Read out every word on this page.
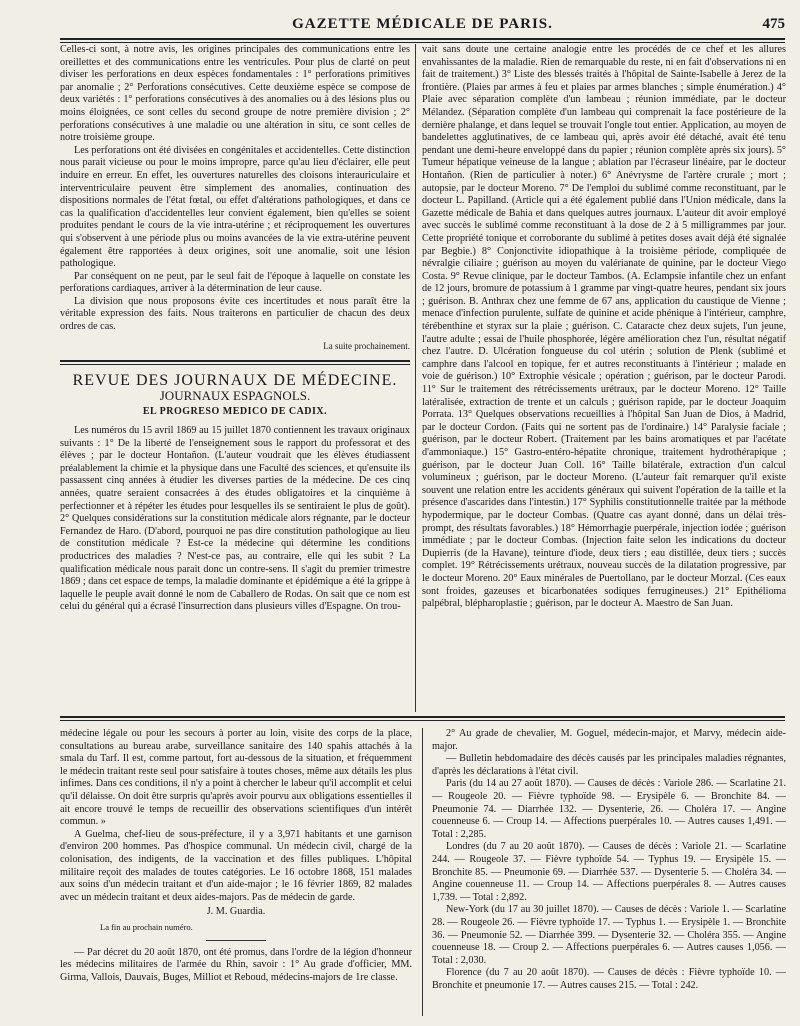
GAZETTE MÉDICALE DE PARIS.	475

Celles-ci sont, à notre avis, les origines principales des communications entre les oreillettes et des communications entre les ventricules. Pour plus de clarté on peut diviser les perforations en deux espèces fondamentales : 1° perforations primitives par anomalie ; 2° Perforations consécutives. Cette deuxième espèce se compose de deux variétés : 1° perforations consécutives à des anomalies ou à des lésions plus ou moins éloignées, ce sont celles du second groupe de notre première division ; 2° perforations consécutives à une maladie ou une altération in situ, ce sont celles de notre troisième groupe.

Les perforations ont été divisées en congénitales et accidentelles. Cette distinction nous parait vicieuse ou pour le moins impropre, parce qu'au lieu d'éclairer, elle peut induire en erreur. En effet, les ouvertures naturelles des cloisons interauriculaire et interventriculaire peuvent être simplement des anomalies, continuation des dispositions normales de l'état fœtal, ou effet d'altérations pathologiques, et dans ce cas la qualification d'accidentelles leur convient également, bien qu'elles se soient produites pendant le cours de la vie intra-utérine ; et réciproquement les ouvertures qui s'observent à une période plus ou moins avancées de la vie extra-utérine peuvent également être rapportées à deux origines, soit une anomalie, soit une lésion pathologique.

Par conséquent on ne peut, par le seul fait de l'époque à laquelle on constate les perforations cardiaques, arriver à la détermination de leur cause.

La division que nous proposons évite ces incertitudes et nous paraît être la véritable expression des faits. Nous traiterons en particulier de chacun des deux ordres de cas.

La suite prochainement.
REVUE DES JOURNAUX DE MÉDECINE.
JOURNAUX ESPAGNOLS.
EL PROGRESO MEDICO DE CADIX.

Les numéros du 15 avril 1869 au 15 juillet 1870 contiennent les travaux originaux suivants : 1° De la liberté de l'enseignement sous le rapport du professorat et des élèves ; par le docteur Hontañon. (L'auteur voudrait que les élèves étudiassent préalablement la chimie et la physique dans une Faculté des sciences, et qu'ensuite ils passassent cinq années à étudier les diverses parties de la médecine. De ces cinq années, quatre seraient consacrées à des études obligatoires et la cinquième à perfectionner et à répéter les études pour lesquelles ils se sentiraient le plus de goût). 2° Quelques considérations sur la constitution médicale alors régnante, par le docteur Fernandez de Haro. (D'abord, pourquoi ne pas dire constitution pathologique au lieu de constitution médicale ? Est-ce la médecine qui détermine les conditions productrices des maladies ? N'est-ce pas, au contraire, elle qui les subit ? La qualification médicale nous parait donc un contre-sens. Il s'agit du premier trimestre 1869 ; dans cet espace de temps, la maladie dominante et épidémique a été la grippe à laquelle le peuple avait donné le nom de Caballero de Rodas. On sait que ce nom est celui du général qui a écrasé l'insurrection dans plusieurs villes d'Espagne. On trou-

vait sans doute une certaine analogie entre les procédés de ce chef et les allures envahissantes de la maladie. Rien de remarquable du reste, ni en fait d'observations ni en fait de traitement.) 3° Liste des blessés traités à l'hôpital de Sainte-Isabelle à Jerez de la frontière. (Plaies par armes à feu et plaies par armes blanches ; simple énumération.) 4° Plaie avec séparation complète d'un lambeau ; réunion immédiate, par le docteur Mélandez. (Séparation complète d'un lambeau qui comprenait la face postérieure de la dernière phalange, et dans lequel se trouvait l'ongle tout entier. Application, au moyen de bandelettes agglutinatives, de ce lambeau qui, après avoir été détaché, avait été tenu pendant une demi-heure enveloppé dans du papier ; réunion complète après six jours). 5° Tumeur hépatique veineuse de la langue ; ablation par l'écraseur linéaire, par le docteur Hontañon. (Rien de particulier à noter.) 6° Anévrysme de l'artère crurale ; mort ; autopsie, par le docteur Moreno. 7° De l'emploi du sublimé comme reconstituant, par le docteur L. Papilland. (Article qui a été également publié dans l'Union médicale, dans la Gazette médicale de Bahia et dans quelques autres journaux. L'auteur dit avoir employé avec succès le sublimé comme reconstituant à la dose de 2 à 5 milligrammes par jour. Cette propriété tonique et corroborante du sublimé à petites doses avait déjà été signalée par Begbie.) 8° Conjonctivite idiopathique à la troisième période, compliquée de névralgie ciliaire ; guérison au moyen du valérianate de quinine, par le docteur Viego Costa. 9° Revue clinique, par le docteur Tambos. (A. Eclampsie infantile chez un enfant de 12 jours, bromure de potassium à 1 gramme par vingt-quatre heures, pendant six jours ; guérison. B. Anthrax chez une femme de 67 ans, application du caustique de Vienne ; menace d'infection purulente, sulfate de quinine et acide phénique à l'intérieur, camphre, térébenthine et styrax sur la plaie ; guérison. C. Cataracte chez deux sujets, l'un jeune, l'autre adulte ; essai de l'huile phosphorée, légère amélioration chez l'un, résultat négatif chez l'autre. D. Ulcération fongueuse du col utérin ; solution de Plenk (sublimé et camphre dans l'alcool en topique, fer et autres reconstituants à l'intérieur ; malade en voie de guérison.) 10° Extrophie vésicale ; opération ; guérison, par le docteur Parodi. 11° Sur le traitement des rétrécissements urétraux, par le docteur Moreno. 12° Taille latéralisée, extraction de trente et un calculs ; guérison rapide, par le docteur Joaquim Porrata. 13° Quelques observations recueillies à l'hôpital San Juan de Dios, à Madrid, par le docteur Cordon. (Faits qui ne sortent pas de l'ordinaire.) 14° Paralysie faciale ; guérison, par le docteur Robert. (Traitement par les bains aromatiques et par l'acétate d'ammoniaque.) 15° Gastro-entéro-hépatite chronique, traitement hydrothérapique ; guérison, par le docteur Juan Coll. 16° Taille bilatérale, extraction d'un calcul volumineux ; guérison, par le docteur Moreno. (L'auteur fait remarquer qu'il existe souvent une relation entre les accidents généraux qui suivent l'opération de la taille et la présence d'ascarides dans l'intestin.) 17° Syphilis constitutionnelle traitée par la méthode hypodermique, par le docteur Combas. (Quatre cas ayant donné, dans un délai très-prompt, des résultats favorables.) 18° Hémorrhagie puerpérale, injection iodée ; guérison immédiate ; par le docteur Combas. (Injection faite selon les indications du docteur Dupierris (de la Havane), teinture d'iode, deux tiers ; eau distillée, deux tiers ; succès complet. 19° Rétrécissements urétraux, nouveau succès de la dilatation progressive, par le docteur Moreno. 20° Eaux minérales de Puertollano, par le docteur Morzal. (Ces eaux sont froides, gazeuses et bicarbonatées sodiques ferrugineuses.) 21° Epithélioma palpébral, blépharoplastie ; guérison, par le docteur A. Maestro de San Juan.

médecine légale ou pour les secours à porter au loin, visite des corps de la place, consultations au bureau arabe, surveillance sanitaire des 140 spahis attachés à la smala du Tarf. Il est, comme partout, fort au-dessous de la situation, et fréquemment le médecin traitant reste seul pour satisfaire à toutes choses, même aux détails les plus infimes. Dans ces conditions, il n'y a point à chercher le labeur qu'il accomplit et celui qu'il délaisse. On doit être surpris qu'après avoir pourvu aux obligations essentielles il ait encore trouvé le temps de recueillir des observations scientifiques d'un intérêt commun. »

A Guelma, chef-lieu de sous-préfecture, il y a 3,971 habitants et une garnison d'environ 200 hommes. Pas d'hospice communal. Un médecin civil, chargé de la colonisation, des indigents, de la vaccination et des filles publiques. L'hôpital militaire reçoit des malades de toutes catégories. Le 16 octobre 1868, 151 malades aux soins d'un médecin traitant et d'un aide-major ; le 16 février 1869, 82 malades avec un médecin traitant et deux aides-majors. Pas de médecin de garde.

J. M. Guardia.
La fin au prochain numéro.

— Par décret du 20 août 1870, ont été promus, dans l'ordre de la légion d'honneur les médecins militaires de l'armée du Rhin, savoir : 1° Au grade d'officier, MM. Girma, Vallois, Dauvais, Buges, Milliot et Reboud, médecins-majors de 1re classe.

2° Au grade de chevalier, M. Goguel, médecin-major, et Marvy, médecin aide-major.

— Bulletin hebdomadaire des décès causés par les principales maladies régnantes, d'après les déclarations à l'état civil.

Paris (du 14 au 27 août 1870). — Causes de décès : Variole 286. — Scarlatine 21. — Rougeole 20. — Fièvre typhoïde 98. — Erysipèle 6. — Bronchite 84. — Pneumonie 74. — Diarrhée 132. — Dysenterie, 26. — Choléra 17. — Angine couenneuse 6. — Croup 14. — Affections puerpérales 10. — Autres causes 1,491. — Total : 2,285.

Londres (du 7 au 20 août 1870). — Causes de décès : Variole 21. — Scarlatine 244. — Rougeole 37. — Fièvre typhoïde 54. — Typhus 19. — Erysipèle 15. — Bronchite 85. — Pneumonie 69. — Diarrhée 537. — Dysenterie 5. — Choléra 34. — Angine couenneuse 11. — Croup 14. — Affections puerpérales 8. — Autres causes 1,739. — Total : 2,892.

New-York (du 17 au 30 juillet 1870). — Causes de décès : Variole 1. — Scarlatine 28. — Rougeole 26. — Fièvre typhoïde 17. — Typhus 1. — Erysipèle 1. — Bronchite 36. — Pneumonie 52. — Diarrhée 399. — Dysenterie 32. — Choléra 355. — Angine couenneuse 18. — Croup 2. — Affections puerpérales 6. — Autres causes 1,056. — Total : 2,030.

Florence (du 7 au 20 août 1870). — Causes de décès : Fièvre typhoïde 10. — Bronchite et pneumonie 17. — Autres causes 215. — Total : 242.
